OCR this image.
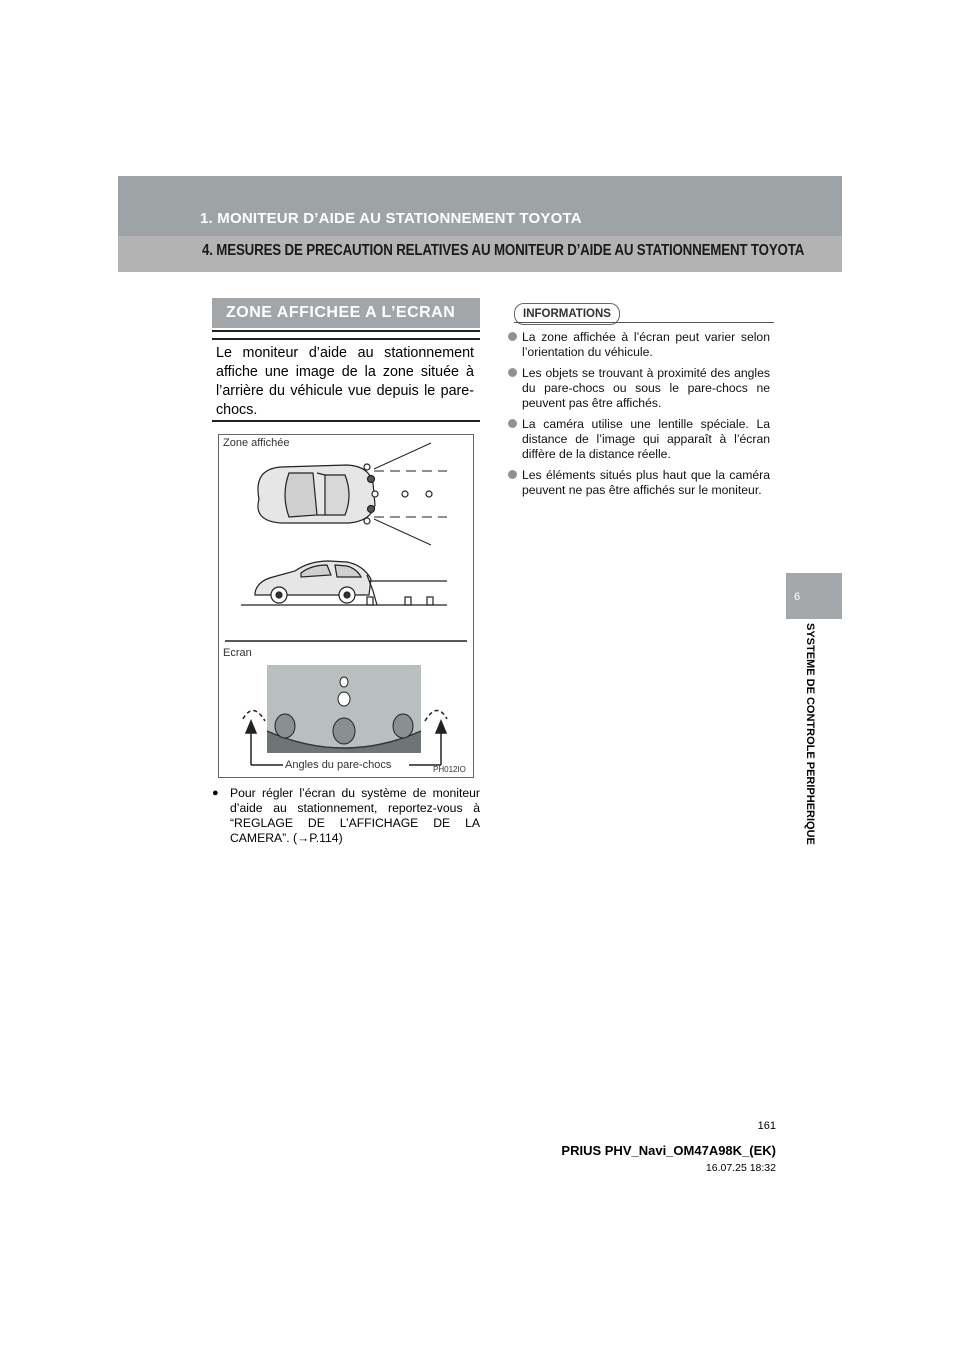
1. MONITEUR D’AIDE AU STATIONNEMENT TOYOTA
4. MESURES DE PRECAUTION RELATIVES AU MONITEUR D’AIDE AU STATIONNEMENT TOYOTA
6
SYSTEME DE CONTROLE PERIPHERIQUE
ZONE AFFICHEE A L’ECRAN
Le moniteur d’aide au stationnement affiche une image de la zone située à l’arrière du véhicule vue depuis le pare-chocs.
Zone affichée
Ecran
Angles du pare-chocs	PH012IO
● Pour régler l’écran du système de moniteur d’aide au stationnement, reportez-vous à “REGLAGE DE L’AFFICHAGE DE LA CAMERA”. (→P.114)
INFORMATIONS
La zone affichée à l’écran peut varier selon l’orientation du véhicule.
Les objets se trouvant à proximité des angles du pare-chocs ou sous le pare-chocs ne peuvent pas être affichés.
La caméra utilise une lentille spéciale. La distance de l’image qui apparaît à l’écran diffère de la distance réelle.
Les éléments situés plus haut que la caméra peuvent ne pas être affichés sur le moniteur.
161
PRIUS PHV_Navi_OM47A98K_(EK)
16.07.25 18:32
